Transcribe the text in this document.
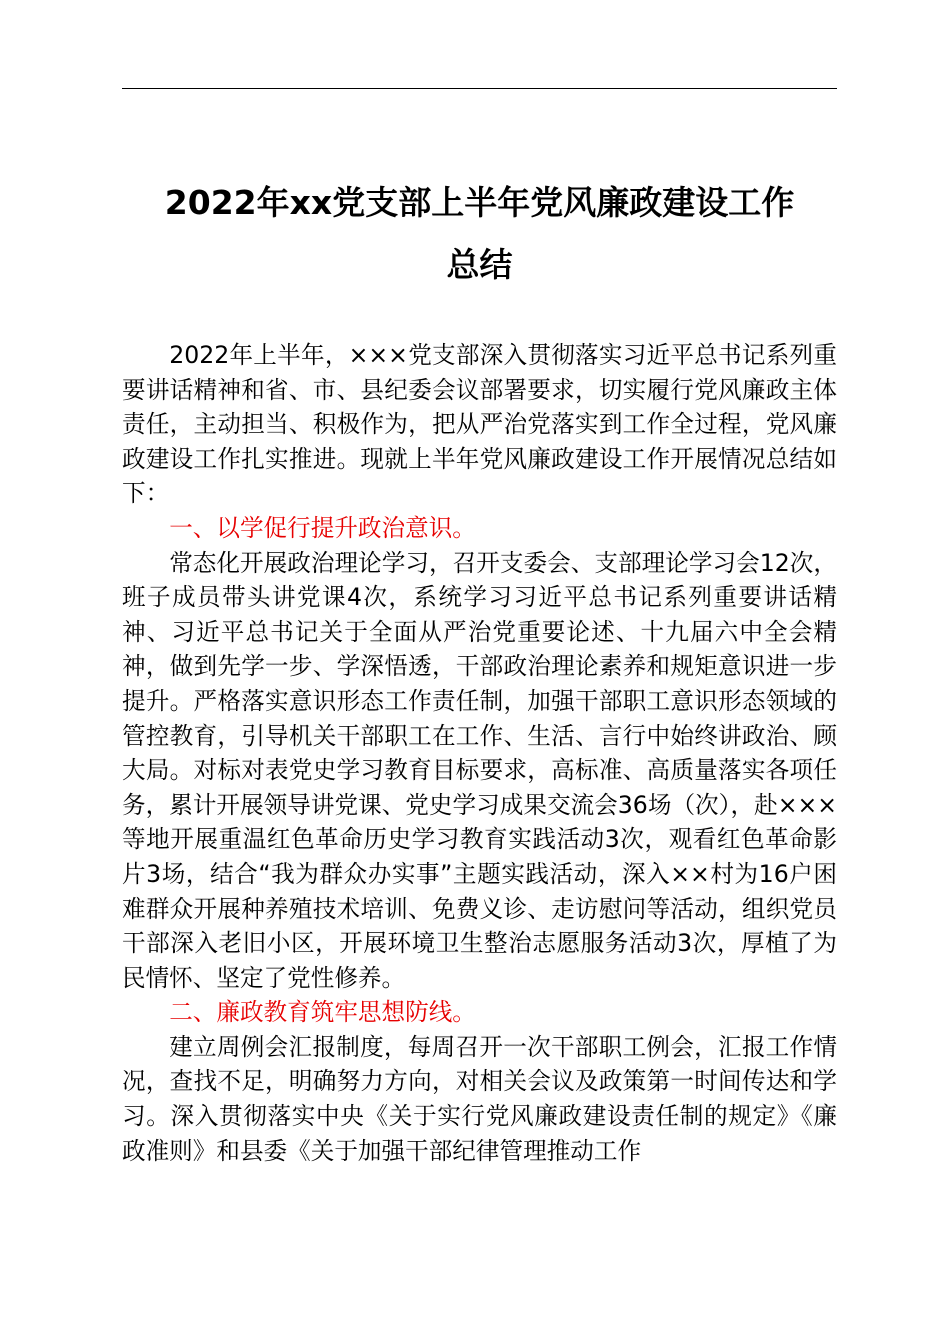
2022年xx党支部上半年党风廉政建设工作
总结

2022年上半年，×××党支部深入贯彻落实习近平总书记系列重要讲话精神和省、市、县纪委会议部署要求，切实履行党风廉政主体责任，主动担当、积极作为，把从严治党落实到工作全过程，党风廉政建设工作扎实推进。现就上半年党风廉政建设工作开展情况总结如下：

一、以学促行提升政治意识。

常态化开展政治理论学习，召开支委会、支部理论学习会12次，班子成员带头讲党课4次，系统学习习近平总书记系列重要讲话精神、习近平总书记关于全面从严治党重要论述、十九届六中全会精神，做到先学一步、学深悟透，干部政治理论素养和规矩意识进一步提升。严格落实意识形态工作责任制，加强干部职工意识形态领域的管控教育，引导机关干部职工在工作、生活、言行中始终讲政治、顾大局。对标对表党史学习教育目标要求，高标准、高质量落实各项任务，累计开展领导讲党课、党史学习成果交流会36场（次），赴×××等地开展重温红色革命历史学习教育实践活动3次，观看红色革命影片3场，结合“我为群众办实事”主题实践活动，深入××村为16户困难群众开展种养殖技术培训、免费义诊、走访慰问等活动，组织党员干部深入老旧小区，开展环境卫生整治志愿服务活动3次，厚植了为民情怀、坚定了党性修养。

二、廉政教育筑牢思想防线。

建立周例会汇报制度，每周召开一次干部职工例会，汇报工作情况，查找不足，明确努力方向，对相关会议及政策第一时间传达和学习。深入贯彻落实中央《关于实行党风廉政建设责任制的规定》《廉政准则》和县委《关于加强干部纪律管理推动工作
